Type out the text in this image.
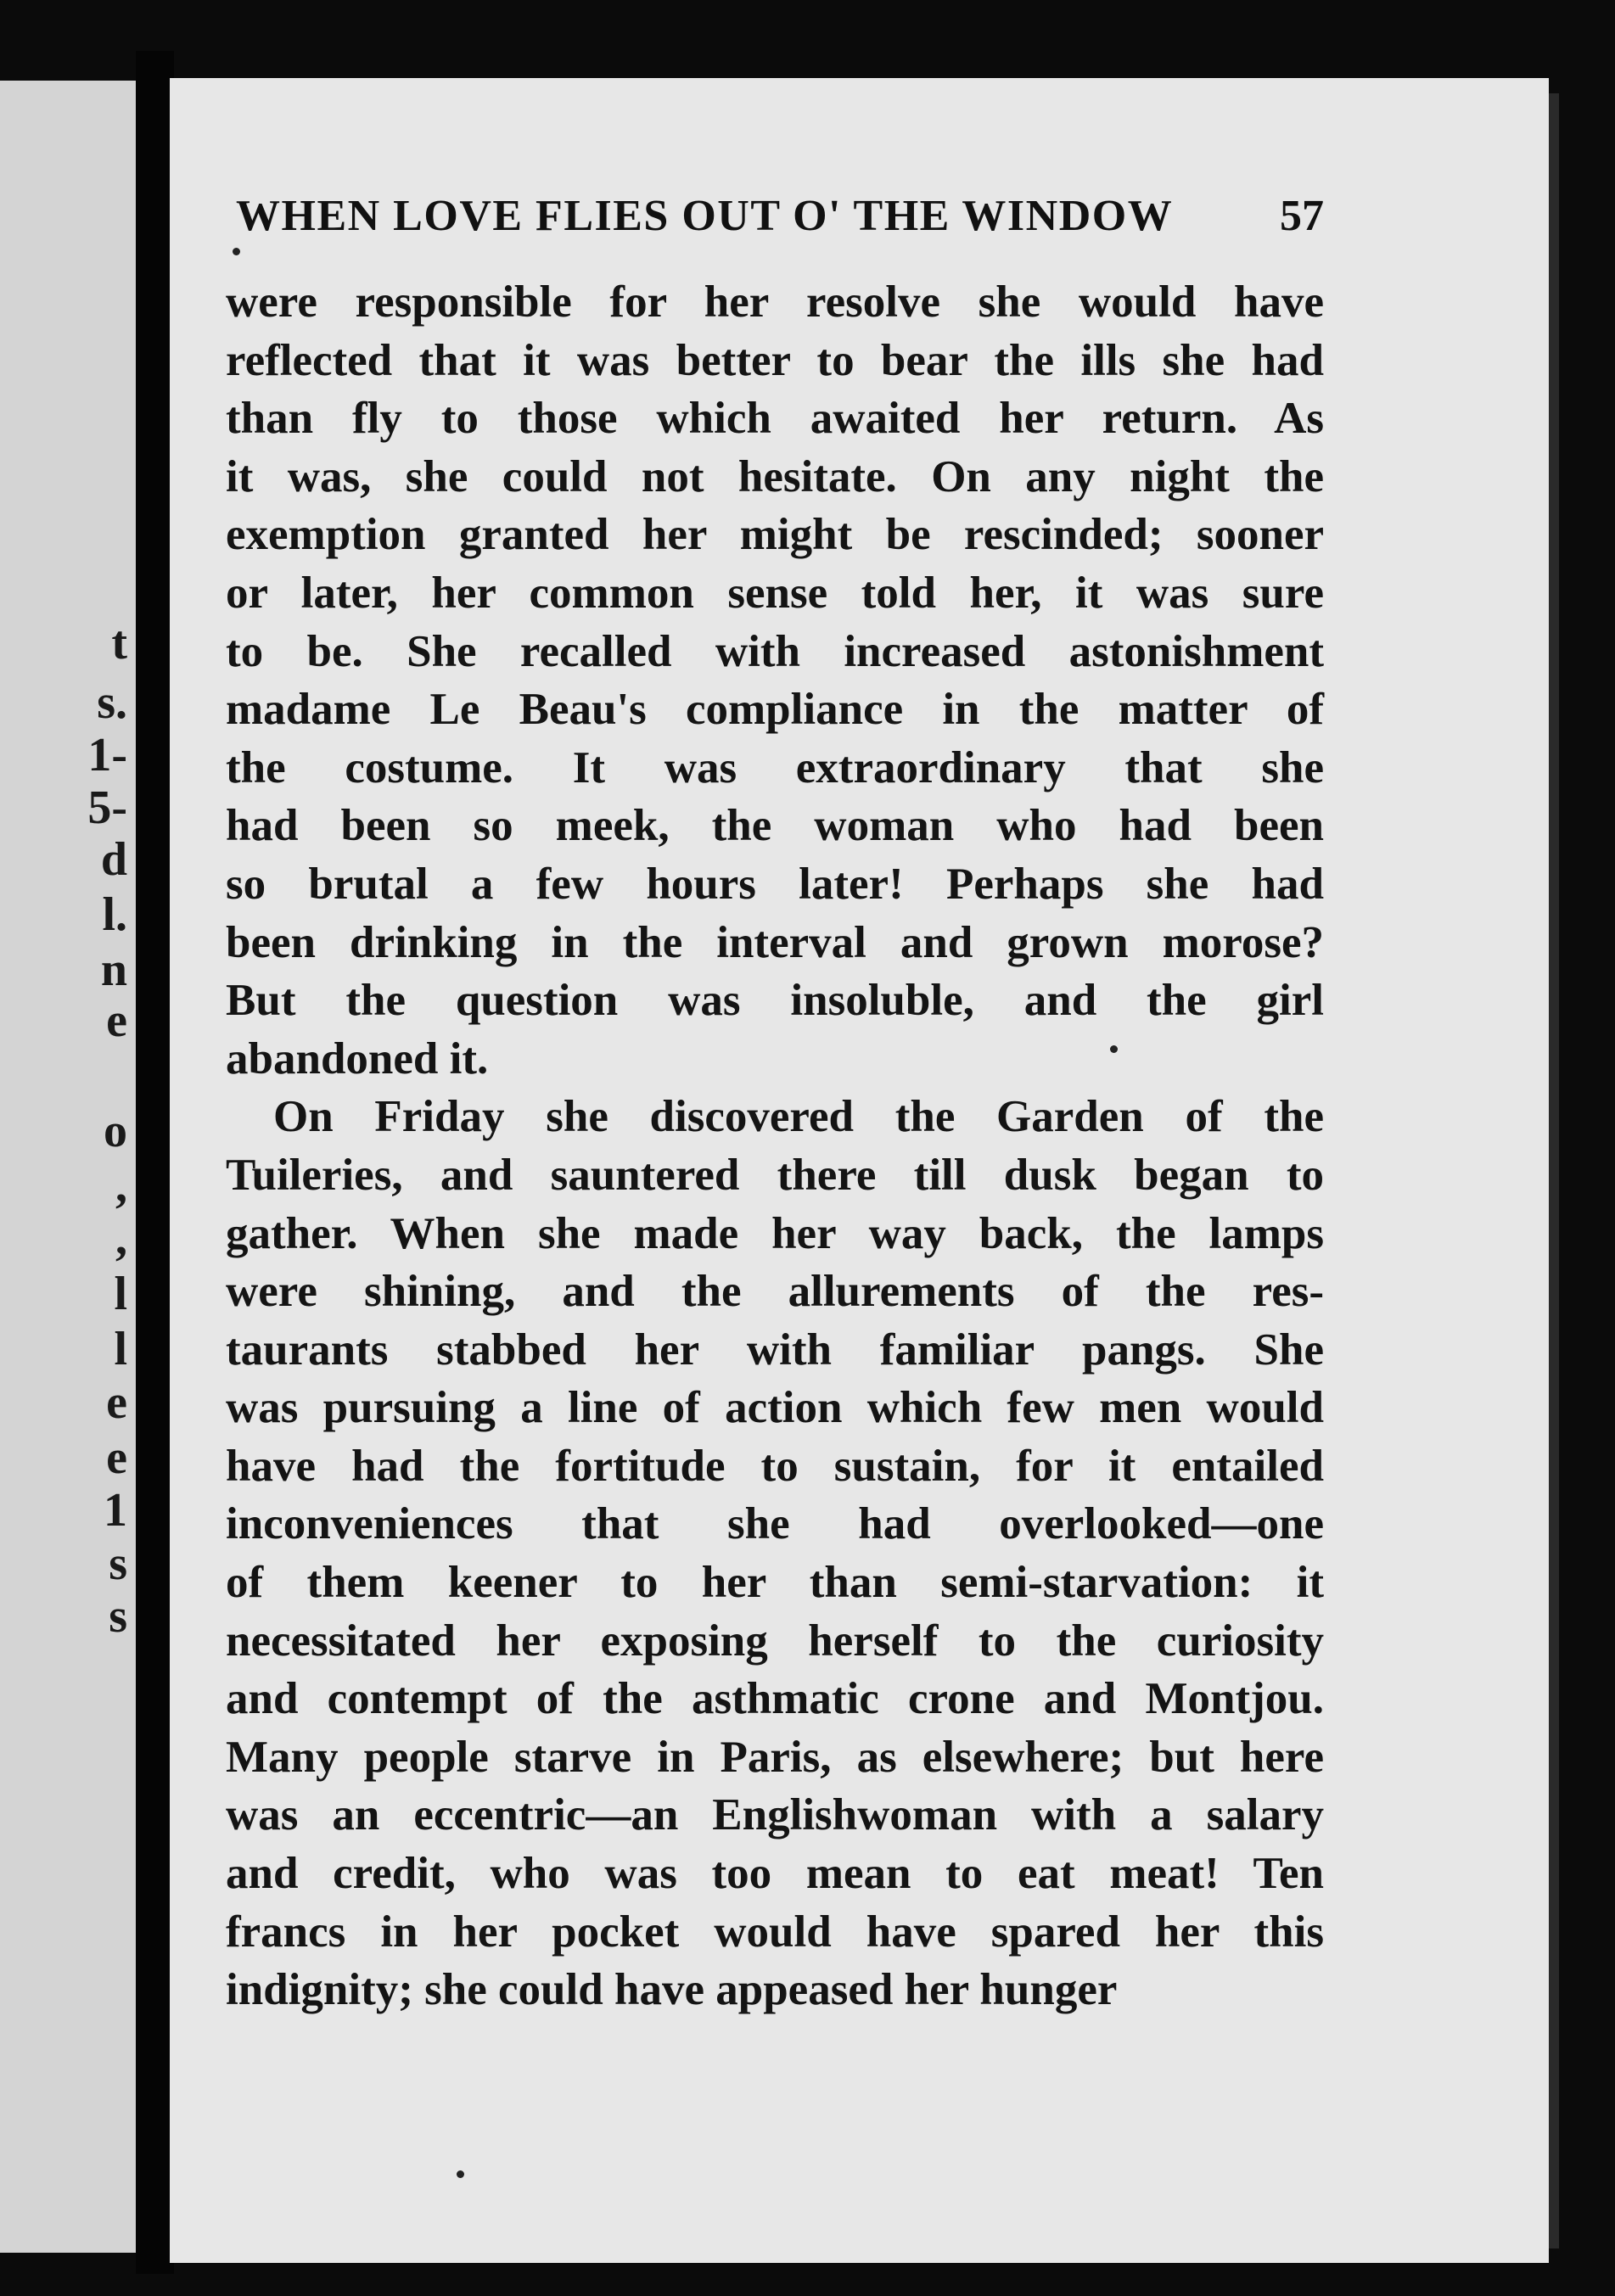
t
s.
1-
5-
d
l.
n
e
o
,
,
l
l
e
e
1
s
s
WHEN LOVE FLIES OUT O' THE WINDOW 57
were responsible for her resolve she would have
reflected that it was better to bear the ills she had
than fly to those which awaited her return. As
it was, she could not hesitate. On any night the
exemption granted her might be rescinded; sooner
or later, her common sense told her, it was sure
to be. She recalled with increased astonishment
madame Le Beau's compliance in the matter of
the costume. It was extraordinary that she
had been so meek, the woman who had been
so brutal a few hours later! Perhaps she had
been drinking in the interval and grown morose?
But the question was insoluble, and the girl
abandoned it.
On Friday she discovered the Garden of the
Tuileries, and sauntered there till dusk began to
gather. When she made her way back, the lamps
were shining, and the allurements of the res-
taurants stabbed her with familiar pangs. She
was pursuing a line of action which few men would
have had the fortitude to sustain, for it entailed
inconveniences that she had overlooked—one
of them keener to her than semi-starvation: it
necessitated her exposing herself to the curiosity
and contempt of the asthmatic crone and Montjou.
Many people starve in Paris, as elsewhere; but here
was an eccentric—an Englishwoman with a salary
and credit, who was too mean to eat meat! Ten
francs in her pocket would have spared her this
indignity; she could have appeased her hunger
